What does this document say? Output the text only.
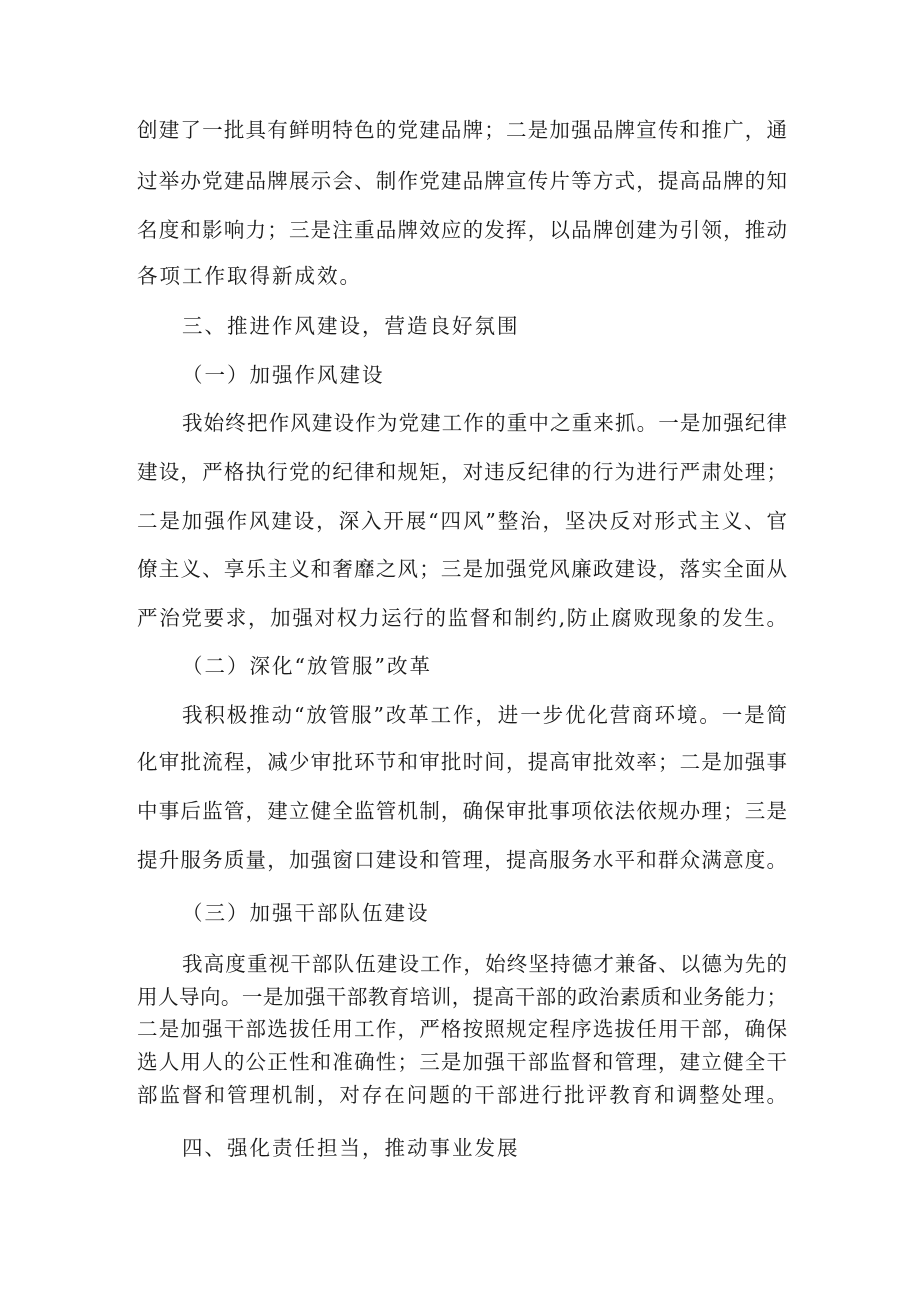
创建了一批具有鲜明特色的党建品牌；二是加强品牌宣传和推广，通
过举办党建品牌展示会、制作党建品牌宣传片等方式，提高品牌的知
名度和影响力；三是注重品牌效应的发挥，以品牌创建为引领，推动
各项工作取得新成效。
三、推进作风建设，营造良好氛围
（一）加强作风建设
我始终把作风建设作为党建工作的重中之重来抓。一是加强纪律
建设，严格执行党的纪律和规矩，对违反纪律的行为进行严肃处理；
二是加强作风建设，深入开展“四风”整治，坚决反对形式主义、官
僚主义、享乐主义和奢靡之风；三是加强党风廉政建设，落实全面从
严治党要求，加强对权力运行的监督和制约,防止腐败现象的发生。
（二）深化“放管服”改革
我积极推动“放管服”改革工作，进一步优化营商环境。一是简
化审批流程，减少审批环节和审批时间，提高审批效率；二是加强事
中事后监管，建立健全监管机制，确保审批事项依法依规办理；三是
提升服务质量，加强窗口建设和管理，提高服务水平和群众满意度。
（三）加强干部队伍建设
我高度重视干部队伍建设工作，始终坚持德才兼备、以德为先的
用人导向。一是加强干部教育培训，提高干部的政治素质和业务能力；
二是加强干部选拔任用工作，严格按照规定程序选拔任用干部，确保
选人用人的公正性和准确性；三是加强干部监督和管理，建立健全干
部监督和管理机制，对存在问题的干部进行批评教育和调整处理。
四、强化责任担当，推动事业发展
